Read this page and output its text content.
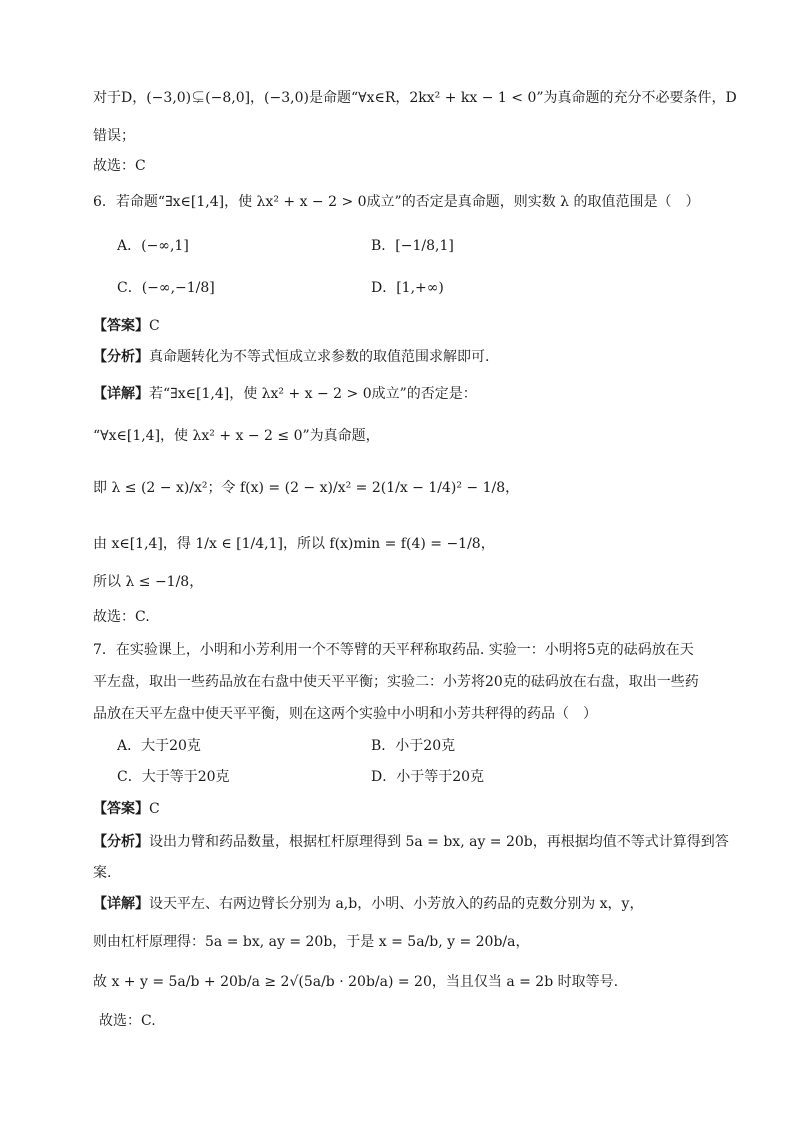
对于D，(−3,0)⊊(−8,0]，(−3,0)是命题“∀x∈R，2kx² + kx − 1 < 0”为真命题的充分不必要条件，D
错误；
故选：C
6．若命题“∃x∈[1,4]，使 λx² + x − 2 > 0成立”的否定是真命题，则实数 λ 的取值范围是（　）
A．(−∞,1]	B．[−1/8,1]
C．(−∞,−1/8]	D．[1,+∞)
【答案】C
【分析】真命题转化为不等式恒成立求参数的取值范围求解即可.
【详解】若“∃x∈[1,4]，使 λx² + x − 2 > 0成立”的否定是：
“∀x∈[1,4]，使 λx² + x − 2 ≤ 0”为真命题，
即 λ ≤ (2 − x)/x²；令 f(x) = (2 − x)/x² = 2(1/x − 1/4)² − 1/8，
由 x∈[1,4]，得 1/x ∈ [1/4,1]，所以 f(x)min = f(4) = −1/8，
所以 λ ≤ −1/8，
故选：C.
7．在实验课上，小明和小芳利用一个不等臂的天平秤称取药品. 实验一：小明将5克的砝码放在天
平左盘，取出一些药品放在右盘中使天平平衡；实验二：小芳将20克的砝码放在右盘，取出一些药
品放在天平左盘中使天平平衡，则在这两个实验中小明和小芳共秤得的药品（　）
A．大于20克	B．小于20克
C．大于等于20克	D．小于等于20克
【答案】C
【分析】设出力臂和药品数量，根据杠杆原理得到 5a = bx, ay = 20b，再根据均值不等式计算得到答
案.
【详解】设天平左、右两边臂长分别为 a,b，小明、小芳放入的药品的克数分别为 x，y，
则由杠杆原理得：5a = bx, ay = 20b，于是 x = 5a/b, y = 20b/a，
故 x + y = 5a/b + 20b/a ≥ 2√(5a/b · 20b/a) = 20，当且仅当 a = 2b 时取等号.
故选：C.
